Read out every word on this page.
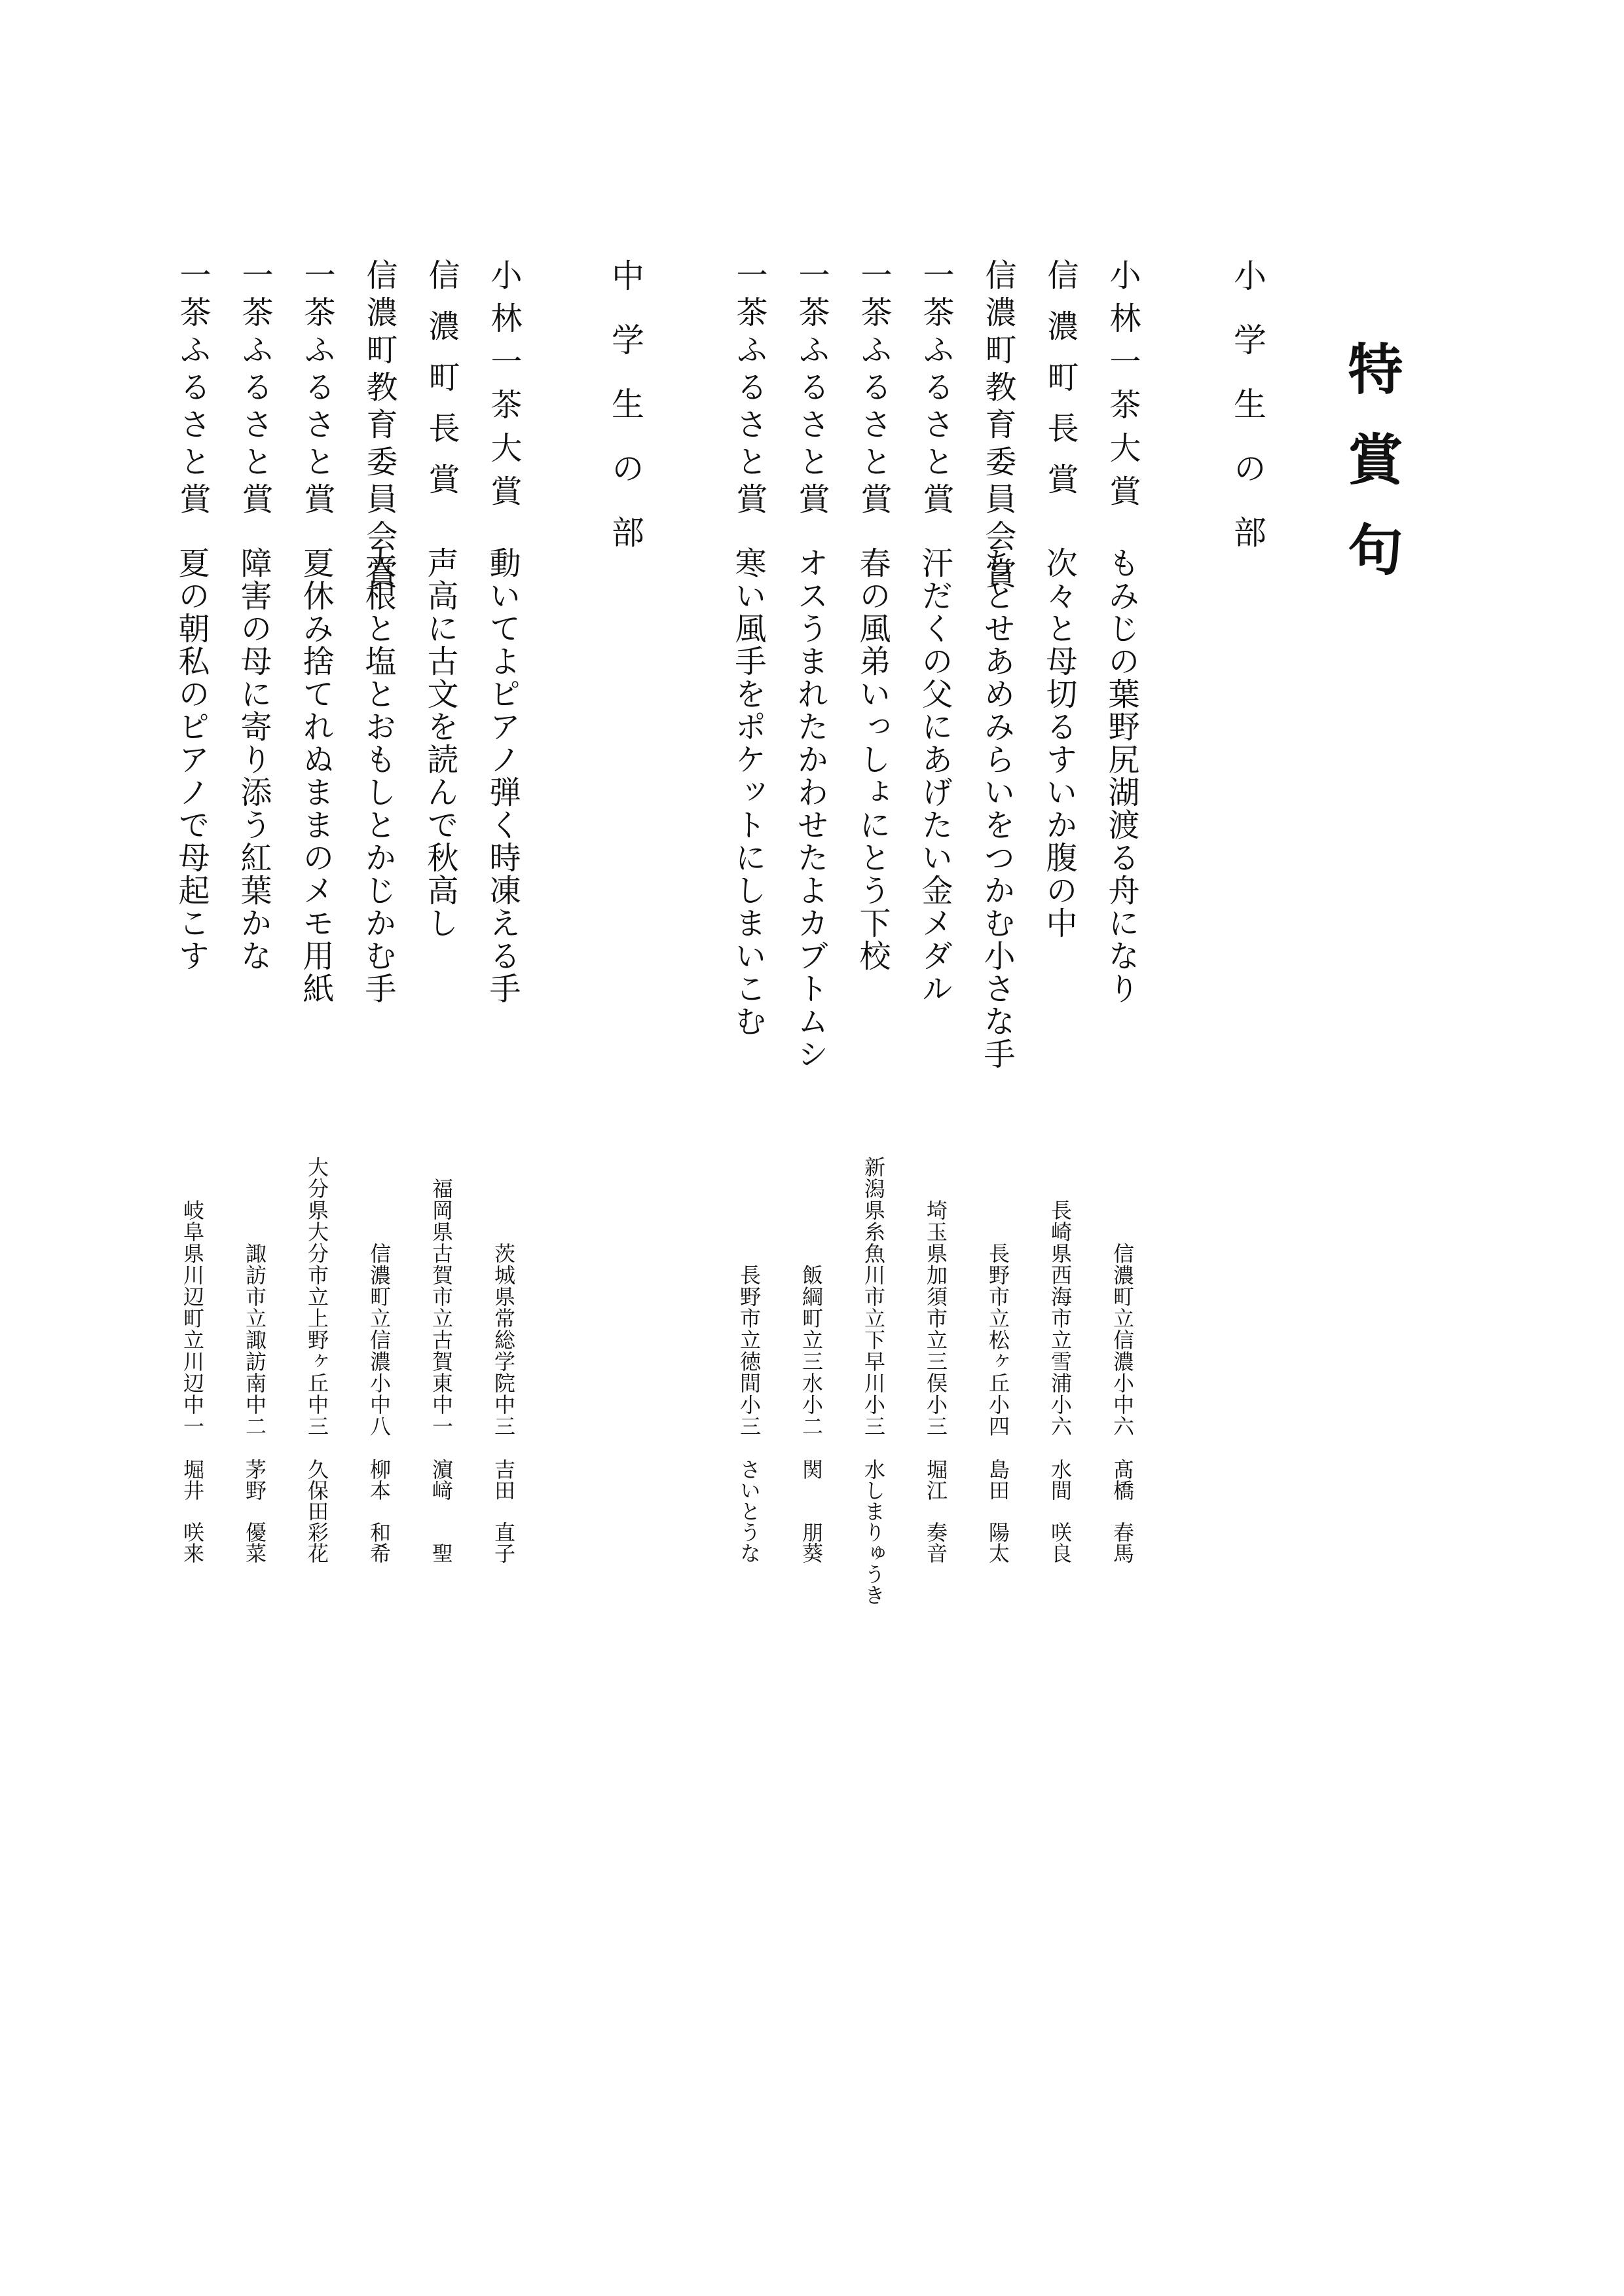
特賞句
小学生の部
中学生の部	小林一茶大賞
もみじの葉野尻湖渡る舟になり
信濃町立信濃小中六
髙橋　春馬
信濃町長賞
次々と母切るすいか腹の中
長崎県西海市立雪浦小六
水間　咲良
信濃町教育委員会賞
ちとせあめみらいをつかむ小さな手
長野市立松ヶ丘小四
島田　陽太
一茶ふるさと賞
汗だくの父にあげたい金メダル
埼玉県加須市立三俣小三
堀江　奏音
一茶ふるさと賞
春の風弟いっしょにとう下校
新潟県糸魚川市立下早川小三
水しまりゅうき
一茶ふるさと賞
オスうまれたかわせたよカブトムシ
飯綱町立三水小二
関　　朋葵
一茶ふるさと賞
寒い風手をポケットにしまいこむ
長野市立徳間小三
さいとうな
小林一茶大賞
動いてよピアノ弾く時凍える手
茨城県常総学院中三
吉田　直子
信濃町長賞
声高に古文を読んで秋高し
福岡県古賀市立古賀東中一
濵﨑　　聖
信濃町教育委員会賞
大根と塩とおもしとかじかむ手
信濃町立信濃小中八
柳本　和希
一茶ふるさと賞
夏休み捨てれぬままのメモ用紙
大分県大分市立上野ヶ丘中三
久保田彩花
一茶ふるさと賞
障害の母に寄り添う紅葉かな
諏訪市立諏訪南中二
茅野　優菜
一茶ふるさと賞
夏の朝私のピアノで母起こす
岐阜県川辺町立川辺中一
堀井　咲来
